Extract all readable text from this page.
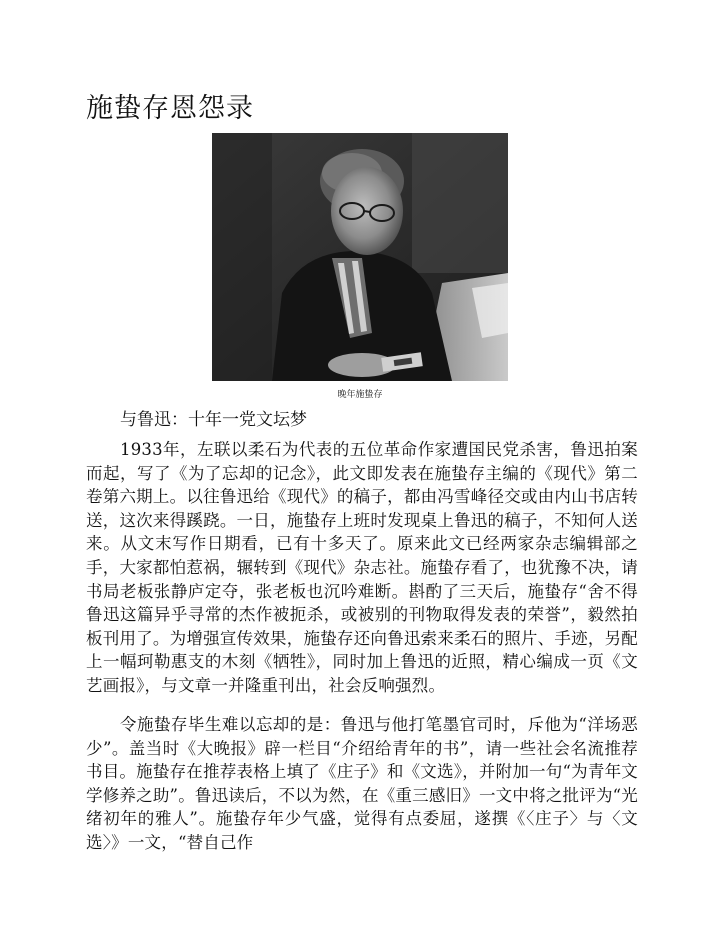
施蛰存恩怨录
晚年施蛰存
与鲁迅：十年一党文坛梦

1933年，左联以柔石为代表的五位革命作家遭国民党杀害，鲁迅拍案而起，写了《为了忘却的记念》，此文即发表在施蛰存主编的《现代》第二卷第六期上。以往鲁迅给《现代》的稿子，都由冯雪峰径交或由内山书店转送，这次来得蹊跷。一日，施蛰存上班时发现桌上鲁迅的稿子，不知何人送来。从文末写作日期看，已有十多天了。原来此文已经两家杂志编辑部之手，大家都怕惹祸，辗转到《现代》杂志社。施蛰存看了，也犹豫不决，请书局老板张静庐定夺，张老板也沉吟难断。斟酌了三天后，施蛰存“舍不得鲁迅这篇异乎寻常的杰作被扼杀，或被别的刊物取得发表的荣誉”，毅然拍板刊用了。为增强宣传效果，施蛰存还向鲁迅索来柔石的照片、手迹，另配上一幅珂勒惠支的木刻《牺牲》，同时加上鲁迅的近照，精心编成一页《文艺画报》，与文章一并隆重刊出，社会反响强烈。

令施蛰存毕生难以忘却的是：鲁迅与他打笔墨官司时，斥他为“洋场恶少”。盖当时《大晚报》辟一栏目“介绍给青年的书”，请一些社会名流推荐书目。施蛰存在推荐表格上填了《庄子》和《文选》，并附加一句“为青年文学修养之助”。鲁迅读后，不以为然，在《重三感旧》一文中将之批评为“光绪初年的雅人”。施蛰存年少气盛，觉得有点委屈，遂撰《〈庄子〉与〈文选〉》一文，“替自己作
